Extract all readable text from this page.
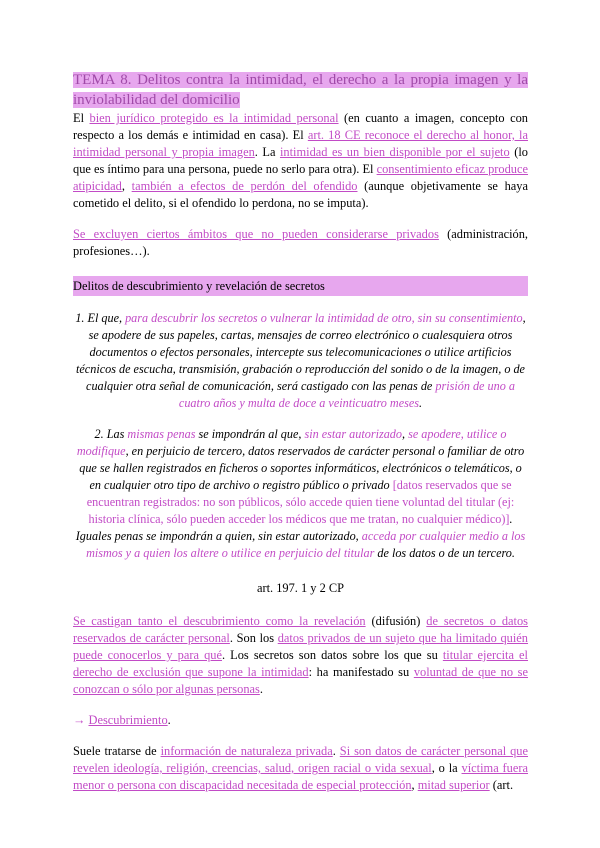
TEMA 8. Delitos contra la intimidad, el derecho a la propia imagen y la inviolabilidad del domicilio

El bien jurídico protegido es la intimidad personal (en cuanto a imagen, concepto con respecto a los demás e intimidad en casa). El art. 18 CE reconoce el derecho al honor, la intimidad personal y propia imagen. La intimidad es un bien disponible por el sujeto (lo que es íntimo para una persona, puede no serlo para otra). El consentimiento eficaz produce atipicidad, también a efectos de perdón del ofendido (aunque objetivamente se haya cometido el delito, si el ofendido lo perdona, no se imputa).

Se excluyen ciertos ámbitos que no pueden considerarse privados (administración, profesiones…).

Delitos de descubrimiento y revelación de secretos

1. El que, para descubrir los secretos o vulnerar la intimidad de otro, sin su consentimiento, se apodere de sus papeles, cartas, mensajes de correo electrónico o cualesquiera otros documentos o efectos personales, intercepte sus telecomunicaciones o utilice artificios técnicos de escucha, transmisión, grabación o reproducción del sonido o de la imagen, o de cualquier otra señal de comunicación, será castigado con las penas de prisión de uno a cuatro años y multa de doce a veinticuatro meses.

2. Las mismas penas se impondrán al que, sin estar autorizado, se apodere, utilice o modifique, en perjuicio de tercero, datos reservados de carácter personal o familiar de otro que se hallen registrados en ficheros o soportes informáticos, electrónicos o telemáticos, o en cualquier otro tipo de archivo o registro público o privado [datos reservados que se encuentran registrados: no son públicos, sólo accede quien tiene voluntad del titular (ej: historia clínica, sólo pueden acceder los médicos que me tratan, no cualquier médico)]. Iguales penas se impondrán a quien, sin estar autorizado, acceda por cualquier medio a los mismos y a quien los altere o utilice en perjuicio del titular de los datos o de un tercero.

art. 197. 1 y 2 CP

Se castigan tanto el descubrimiento como la revelación (difusión) de secretos o datos reservados de carácter personal. Son los datos privados de un sujeto que ha limitado quién puede conocerlos y para qué. Los secretos son datos sobre los que su titular ejercita el derecho de exclusión que supone la intimidad: ha manifestado su voluntad de que no se conozcan o sólo por algunas personas.

→ Descubrimiento.

Suele tratarse de información de naturaleza privada. Si son datos de carácter personal que revelen ideología, religión, creencias, salud, origen racial o vida sexual, o la víctima fuera menor o persona con discapacidad necesitada de especial protección, mitad superior (art.
